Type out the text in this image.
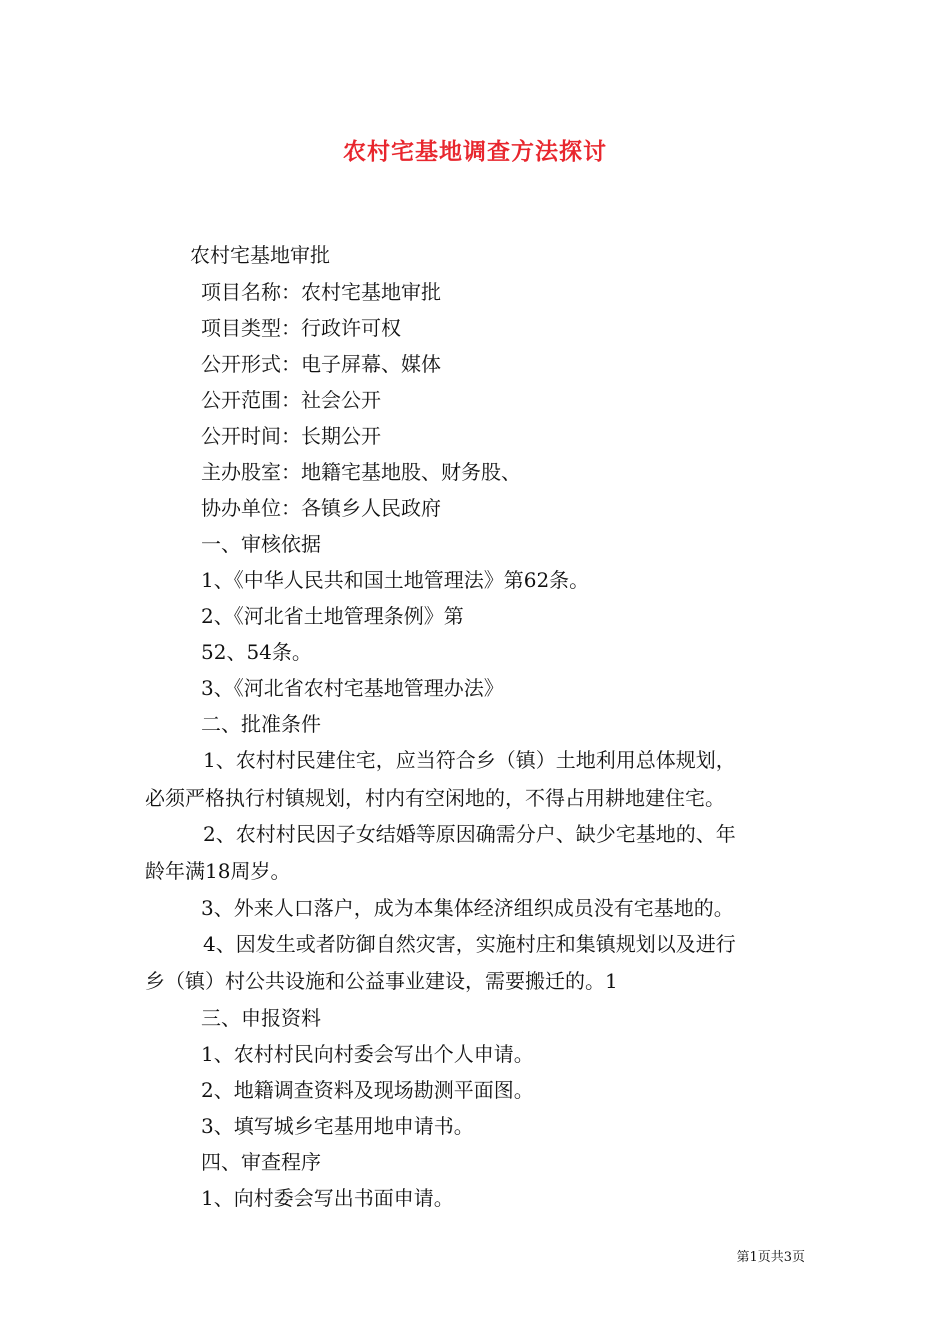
农村宅基地调查方法探讨
农村宅基地审批
项目名称：农村宅基地审批
项目类型：行政许可权
公开形式：电子屏幕、媒体
公开范围：社会公开
公开时间：长期公开
主办股室：地籍宅基地股、财务股、
协办单位：各镇乡人民政府
一、审核依据
1、《中华人民共和国土地管理法》第62条。
2、《河北省土地管理条例》第
52、54条。
3、《河北省农村宅基地管理办法》
二、批准条件
1、农村村民建住宅，应当符合乡（镇）土地利用总体规划，
必须严格执行村镇规划，村内有空闲地的，不得占用耕地建住宅。
2、农村村民因子女结婚等原因确需分户、缺少宅基地的、年
龄年满18周岁。
3、外来人口落户，成为本集体经济组织成员没有宅基地的。
4、因发生或者防御自然灾害，实施村庄和集镇规划以及进行
乡（镇）村公共设施和公益事业建设，需要搬迁的。1
三、申报资料
1、农村村民向村委会写出个人申请。
2、地籍调查资料及现场勘测平面图。
3、填写城乡宅基用地申请书。
四、审查程序
1、向村委会写出书面申请。
第1页共3页
